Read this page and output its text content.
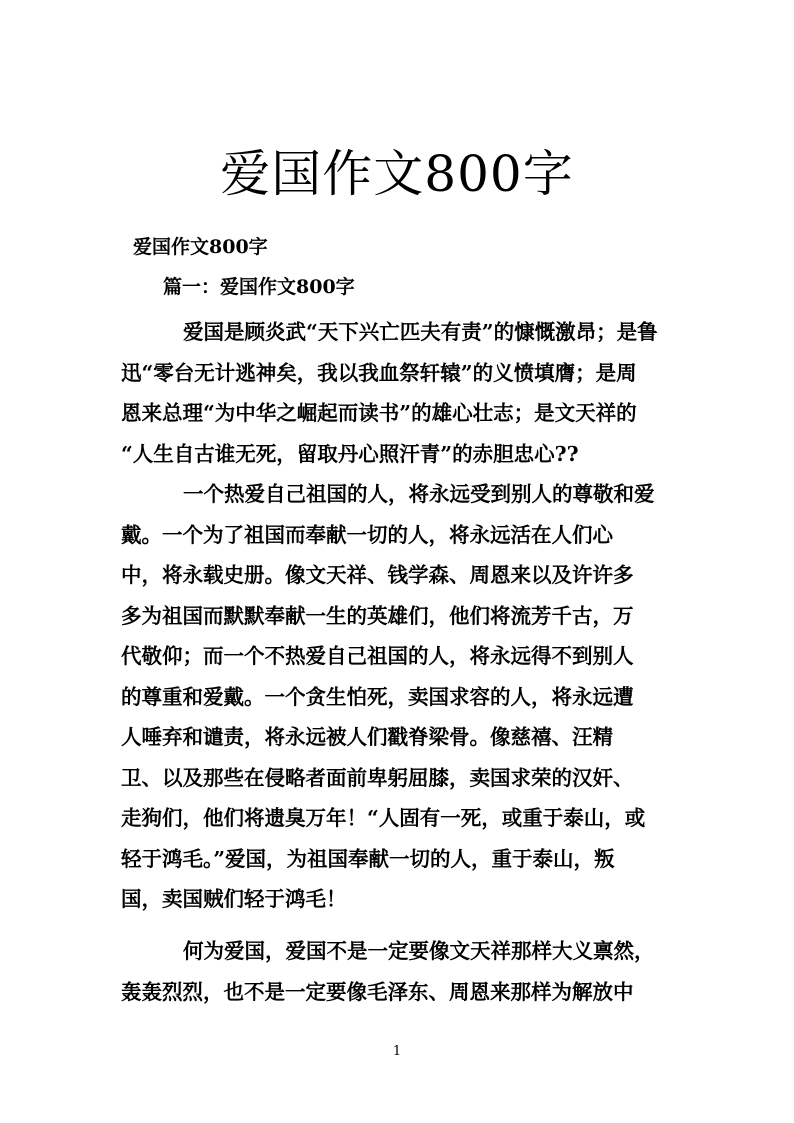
爱国作文800字
爱国作文800字
篇一：爱国作文800字
爱国是顾炎武“天下兴亡匹夫有责”的慷慨激昂；是鲁
迅“零台无计逃神矣，我以我血祭轩辕”的义愤填膺；是周
恩来总理“为中华之崛起而读书”的雄心壮志；是文天祥的
“人生自古谁无死，留取丹心照汗青”的赤胆忠心??
一个热爱自己祖国的人，将永远受到别人的尊敬和爱
戴。一个为了祖国而奉献一切的人，将永远活在人们心
中，将永载史册。像文天祥、钱学森、周恩来以及许许多
多为祖国而默默奉献一生的英雄们，他们将流芳千古，万
代敬仰；而一个不热爱自己祖国的人，将永远得不到别人
的尊重和爱戴。一个贪生怕死，卖国求容的人，将永远遭
人唾弃和谴责，将永远被人们戳脊梁骨。像慈禧、汪精
卫、以及那些在侵略者面前卑躬屈膝，卖国求荣的汉奸、
走狗们，他们将遗臭万年！“人固有一死，或重于泰山，或
轻于鸿毛。”爱国，为祖国奉献一切的人，重于泰山，叛
国，卖国贼们轻于鸿毛！
何为爱国，爱国不是一定要像文天祥那样大义禀然，
轰轰烈烈，也不是一定要像毛泽东、周恩来那样为解放中
1
